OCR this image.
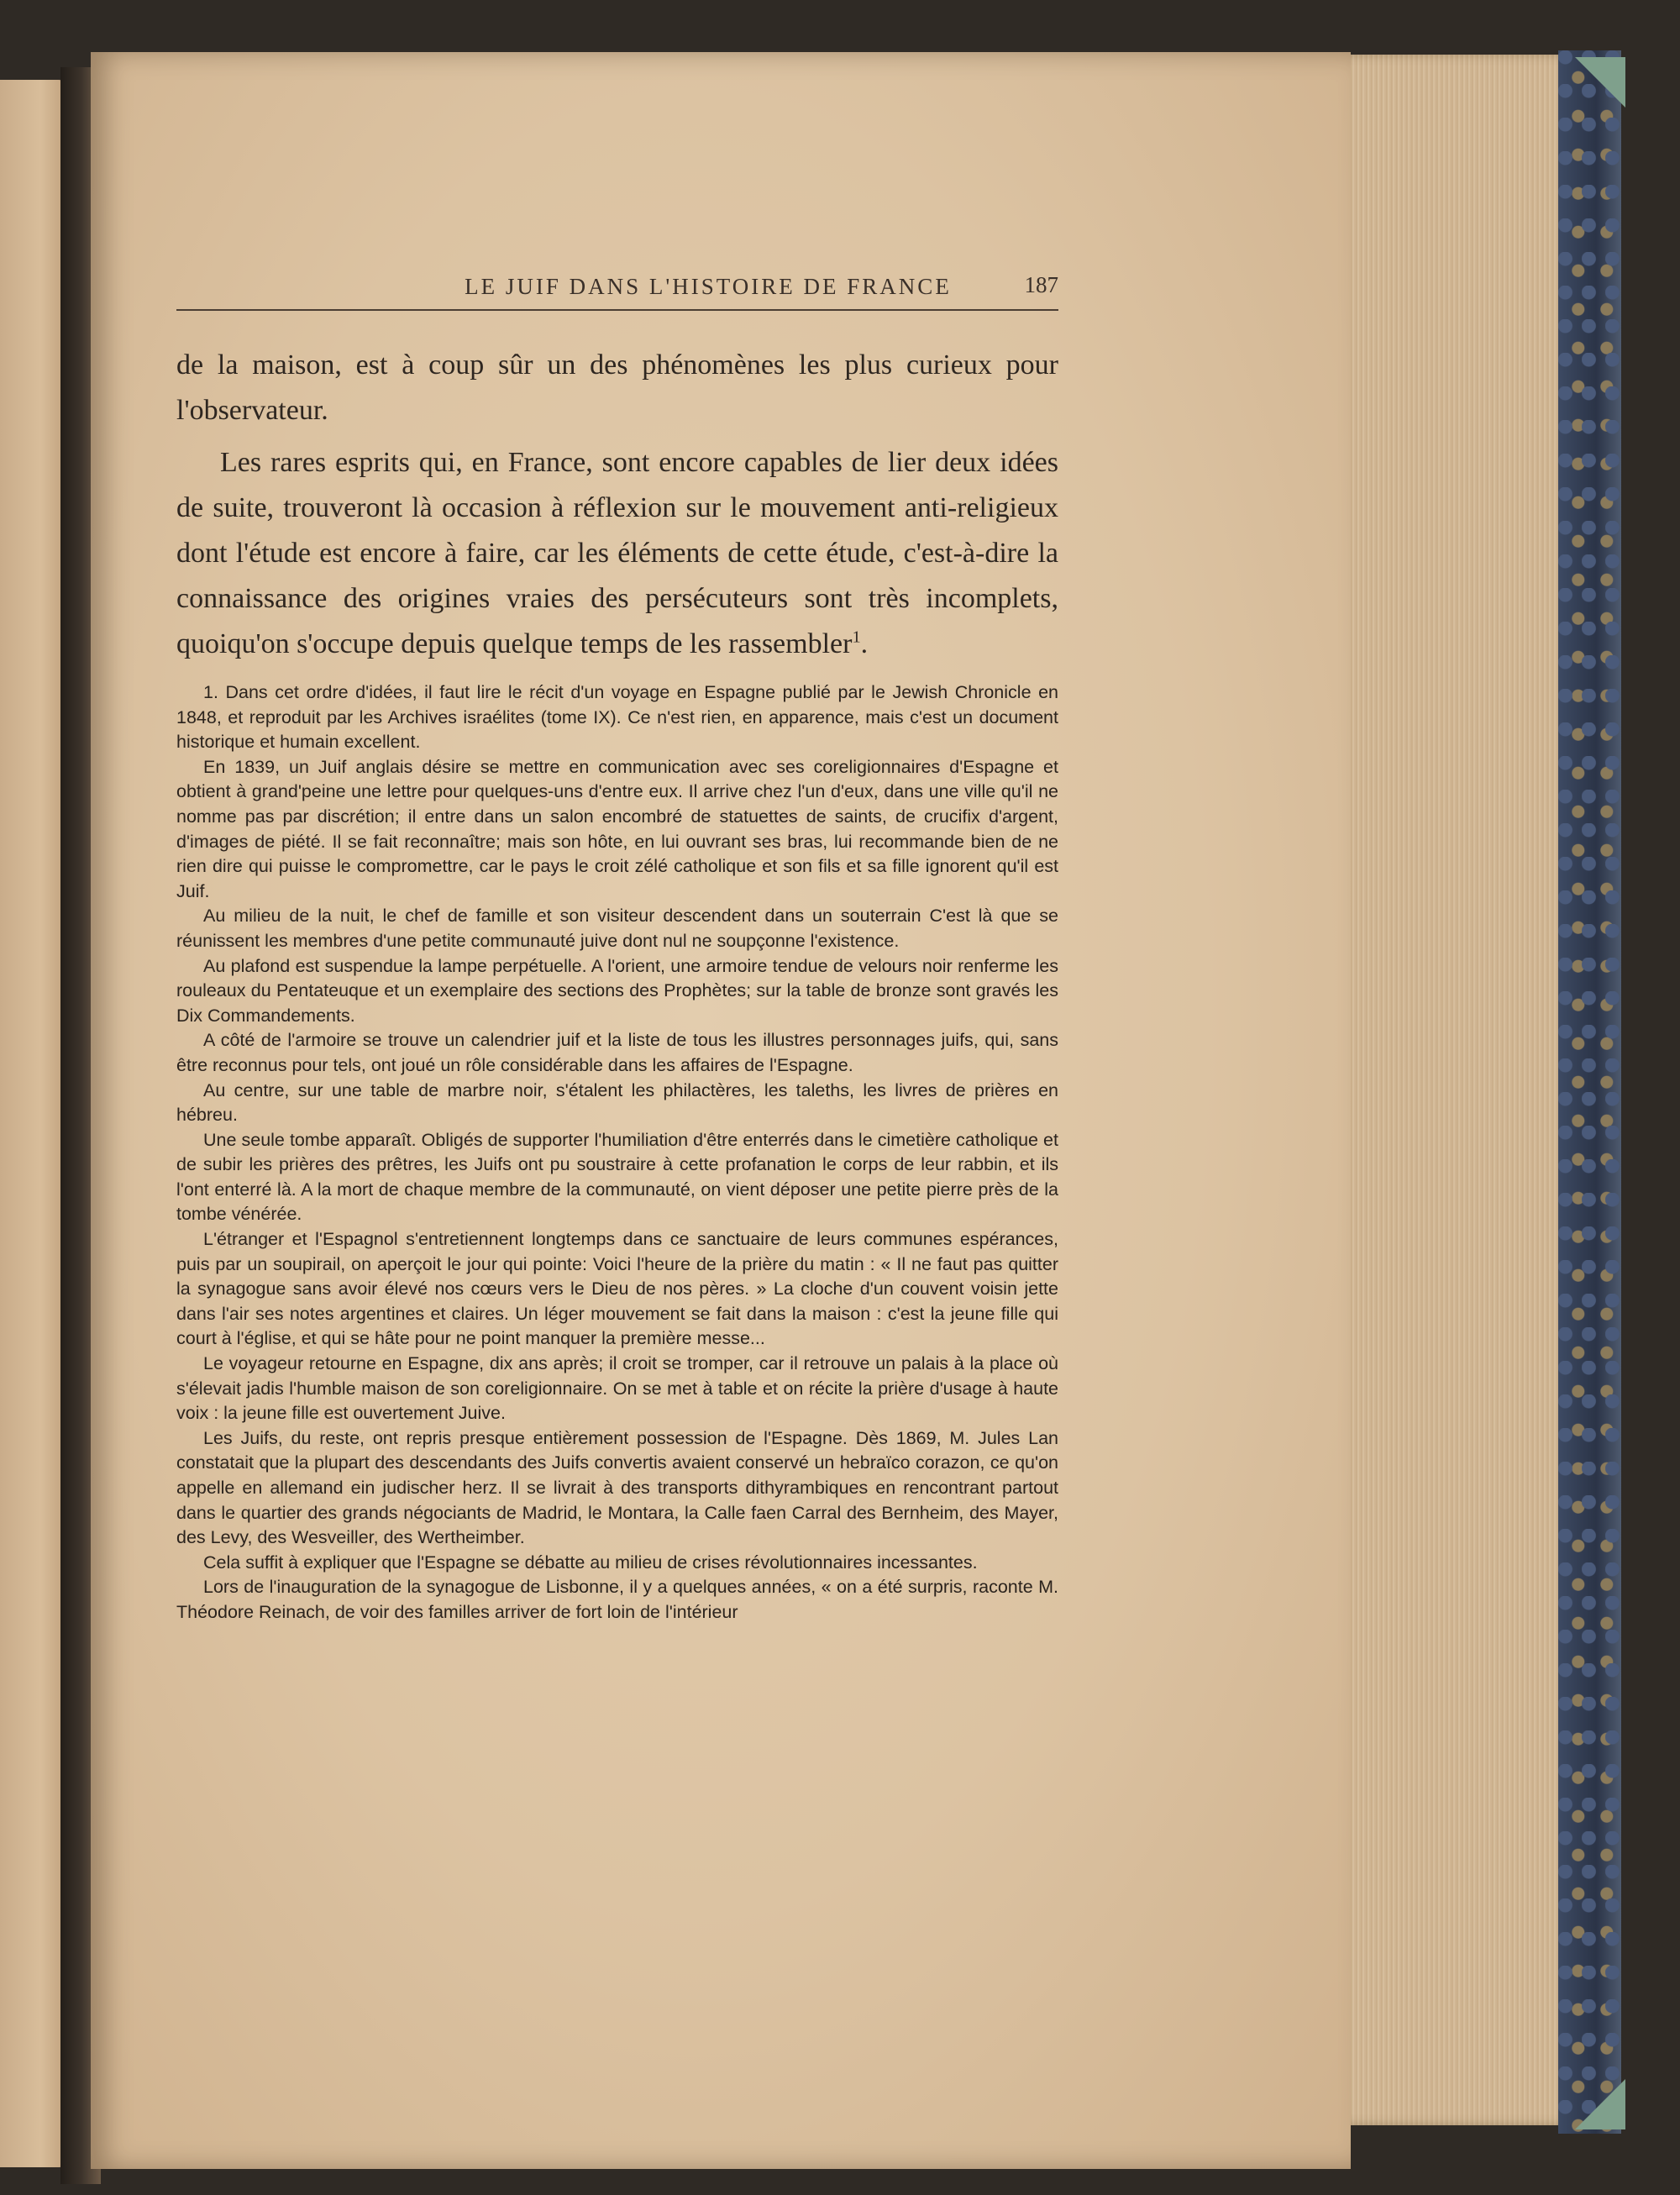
LE JUIF DANS L'HISTOIRE DE FRANCE	187

de la maison, est à coup sûr un des phénomènes les plus curieux pour l'observateur.

Les rares esprits qui, en France, sont encore capables de lier deux idées de suite, trouveront là occasion à réflexion sur le mouvement anti-religieux dont l'étude est encore à faire, car les éléments de cette étude, c'est-à-dire la connaissance des origines vraies des persécuteurs sont très incomplets, quoiqu'on s'occupe depuis quelque temps de les rassembler$^1$.

1. Dans cet ordre d'idées, il faut lire le récit d'un voyage en Espagne publié par le Jewish Chronicle en 1848, et reproduit par les Archives israélites (tome IX). Ce n'est rien, en apparence, mais c'est un document historique et humain excellent.

En 1839, un Juif anglais désire se mettre en communication avec ses coreligionnaires d'Espagne et obtient à grand'peine une lettre pour quelques-uns d'entre eux. Il arrive chez l'un d'eux, dans une ville qu'il ne nomme pas par discrétion; il entre dans un salon encombré de statuettes de saints, de crucifix d'argent, d'images de piété. Il se fait reconnaître; mais son hôte, en lui ouvrant ses bras, lui recommande bien de ne rien dire qui puisse le compromettre, car le pays le croit zélé catholique et son fils et sa fille ignorent qu'il est Juif.

Au milieu de la nuit, le chef de famille et son visiteur descendent dans un souterrain C'est là que se réunissent les membres d'une petite communauté juive dont nul ne soupçonne l'existence.

Au plafond est suspendue la lampe perpétuelle. A l'orient, une armoire tendue de velours noir renferme les rouleaux du Pentateuque et un exemplaire des sections des Prophètes; sur la table de bronze sont gravés les Dix Commandements.

A côté de l'armoire se trouve un calendrier juif et la liste de tous les illustres personnages juifs, qui, sans être reconnus pour tels, ont joué un rôle considérable dans les affaires de l'Espagne.

Au centre, sur une table de marbre noir, s'étalent les philactères, les taleths, les livres de prières en hébreu.

Une seule tombe apparaît. Obligés de supporter l'humiliation d'être enterrés dans le cimetière catholique et de subir les prières des prêtres, les Juifs ont pu soustraire à cette profanation le corps de leur rabbin, et ils l'ont enterré là. A la mort de chaque membre de la communauté, on vient déposer une petite pierre près de la tombe vénérée.

L'étranger et l'Espagnol s'entretiennent longtemps dans ce sanctuaire de leurs communes espérances, puis par un soupirail, on aperçoit le jour qui pointe: Voici l'heure de la prière du matin : « Il ne faut pas quitter la synagogue sans avoir élevé nos cœurs vers le Dieu de nos pères. » La cloche d'un couvent voisin jette dans l'air ses notes argentines et claires. Un léger mouvement se fait dans la maison : c'est la jeune fille qui court à l'église, et qui se hâte pour ne point manquer la première messe...

Le voyageur retourne en Espagne, dix ans après; il croit se tromper, car il retrouve un palais à la place où s'élevait jadis l'humble maison de son coreligionnaire. On se met à table et on récite la prière d'usage à haute voix : la jeune fille est ouvertement Juive.

Les Juifs, du reste, ont repris presque entièrement possession de l'Espagne. Dès 1869, M. Jules Lan constatait que la plupart des descendants des Juifs convertis avaient conservé un hebraïco corazon, ce qu'on appelle en allemand ein judischer herz. Il se livrait à des transports dithyrambiques en rencontrant partout dans le quartier des grands négociants de Madrid, le Montara, la Calle faen Carral des Bernheim, des Mayer, des Levy, des Wesveiller, des Wertheimber.

Cela suffit à expliquer que l'Espagne se débatte au milieu de crises révolutionnaires incessantes.

Lors de l'inauguration de la synagogue de Lisbonne, il y a quelques années, « on a été surpris, raconte M. Théodore Reinach, de voir des familles arriver de fort loin de l'intérieur
